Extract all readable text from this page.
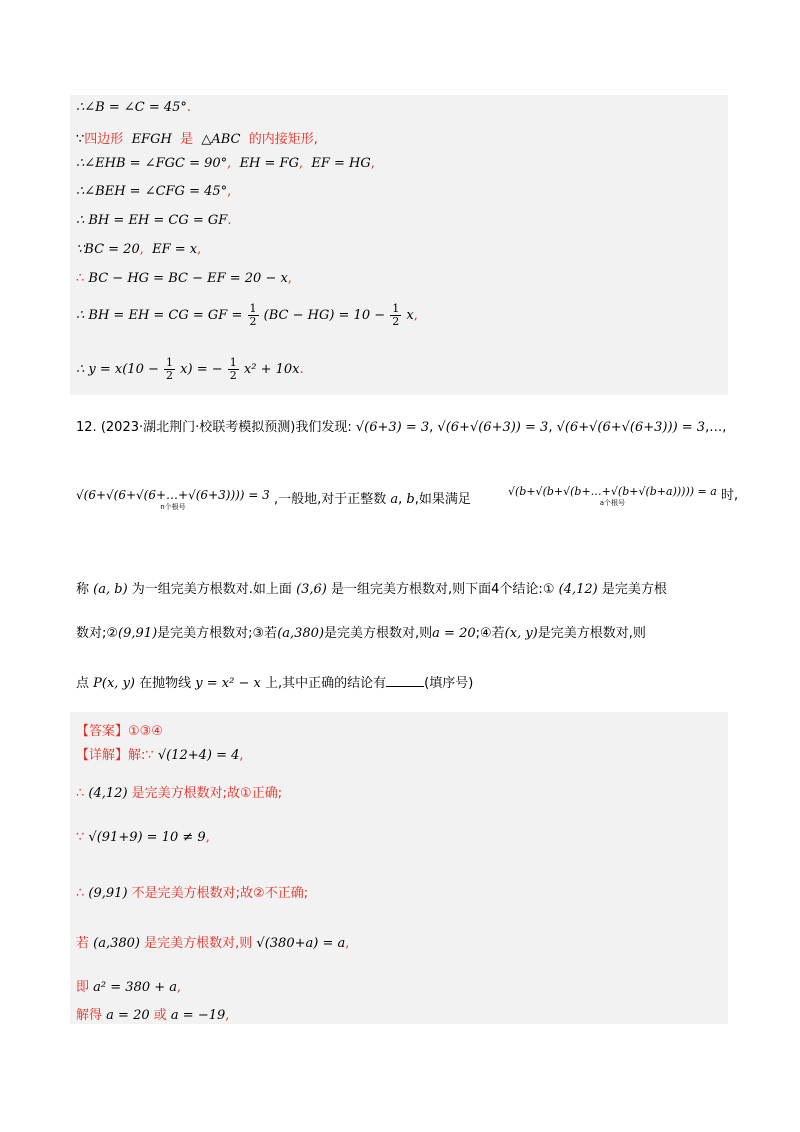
∴∠B = ∠C = 45°.
∵四边形 EFGH 是 △ABC 的内接矩形,
∴∠EHB = ∠FGC = 90°, EH = FG, EF = HG,
∴∠BEH = ∠CFG = 45°,
∴ BH = EH = CG = GF.
∵BC = 20, EF = x,
∴ BC − HG = BC − EF = 20 − x,
∴ BH = EH = CG = GF = $\frac{1}{2} (BC - HG) = 10 - \frac{1}{2} x$,
∴ $y = x(10 - \frac{1}{2} x)$ = − $\frac{1}{2} x^2 + 10x$.
12. (2023·湖北荆门·校联考模拟预测)我们发现: √(6+3) = 3, √(6+√(6+3)) = 3, √(6+√(6+√(6+3))) = 3,…,
√(6+√(6+√(6+…+√(6+3)))) = 3
n个根号	,一般地,对于正整数 a, b,如果满足
√(b+√(b+√(b+…+√(b+√(b+a))))) = a
a个根号	时,
称 (a, b) 为一组完美方根数对.如上面 (3,6) 是一组完美方根数对,则下面4个结论:① (4,12) 是完美方根
数对;②(9,91)是完美方根数对;③若(a,380)是完美方根数对,则a = 20;④若(x, y)是完美方根数对,则
点 P(x, y) 在抛物线 y = x² − x 上,其中正确的结论有	(填序号)
【答案】①③④
【详解】解:∵ √(12+4) = 4,
∴ (4,12) 是完美方根数对;故①正确;
∵ √(91+9) = 10 ≠ 9,
∴ (9,91) 不是完美方根数对;故②不正确;
若 (a,380) 是完美方根数对,则 √(380+a) = a,
即 a² = 380 + a,
解得 a = 20 或 a = −19,
